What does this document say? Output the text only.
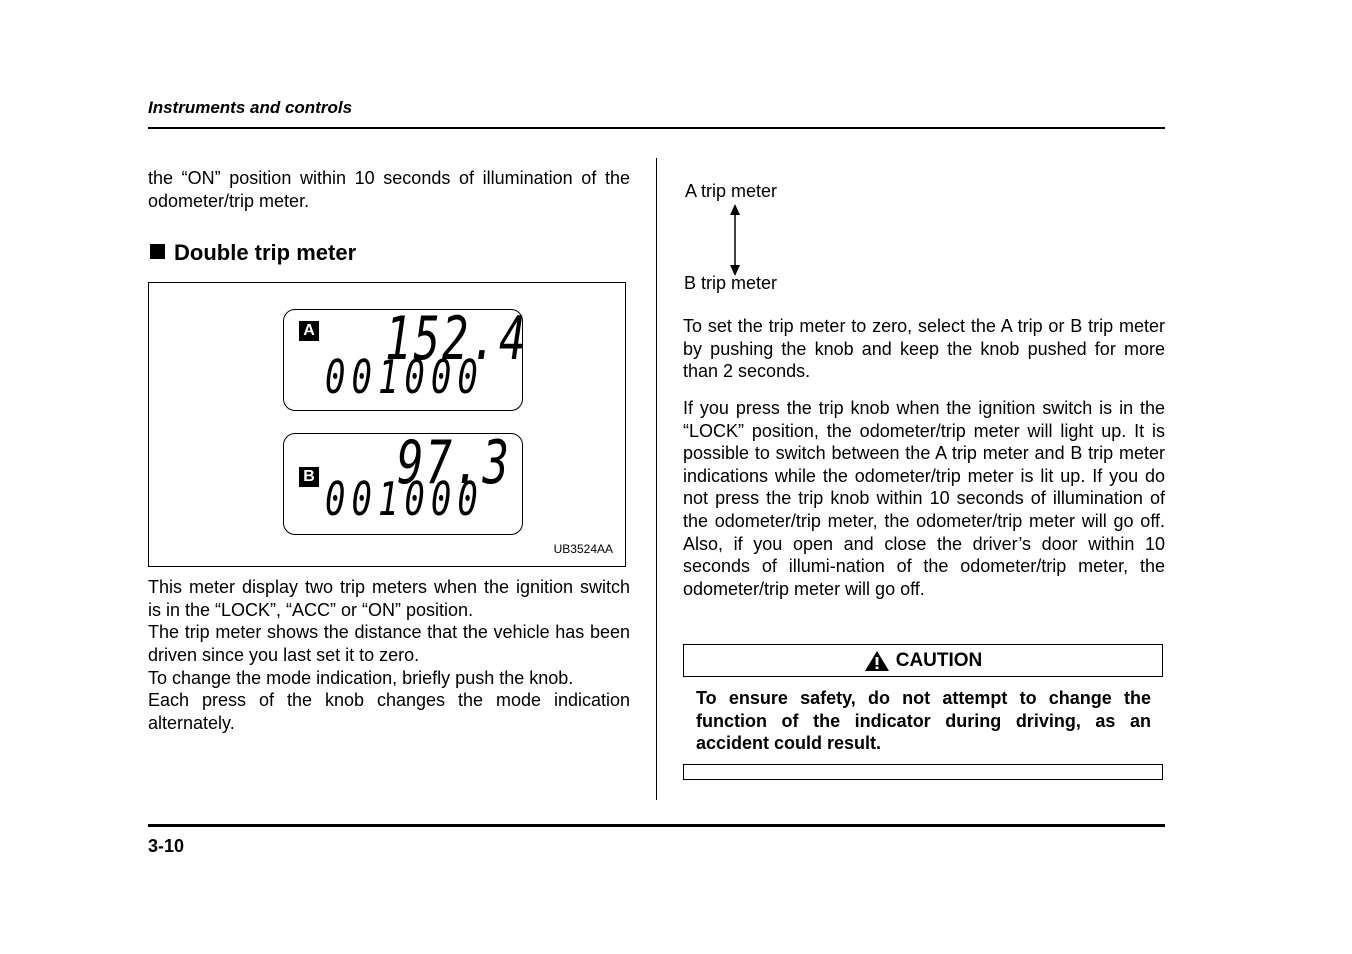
Instruments and controls

the “ON” position within 10 seconds of illumination of the odometer/trip meter.

Double trip meter
A 152.4
001000
B 97.3
001000
UB3524AA

This meter display two trip meters when the ignition switch is in the “LOCK”, “ACC” or “ON” position.

The trip meter shows the distance that the vehicle has been driven since you last set it to zero.

To change the mode indication, briefly push the knob.

Each press of the knob changes the mode indication alternately.

A trip meter
B trip meter

To set the trip meter to zero, select the A trip or B trip meter by pushing the knob and keep the knob pushed for more than 2 seconds.

If you press the trip knob when the ignition switch is in the “LOCK” position, the odometer/trip meter will light up. It is possible to switch between the A trip meter and B trip meter indications while the odometer/trip meter is lit up. If you do not press the trip knob within 10 seconds of illumination of the odometer/trip meter, the odometer/trip meter will go off. Also, if you open and close the driver’s door within 10 seconds of illumi-nation of the odometer/trip meter, the odometer/trip meter will go off.

CAUTION

To ensure safety, do not attempt to change the function of the indicator during driving, as an accident could result.

3-10
